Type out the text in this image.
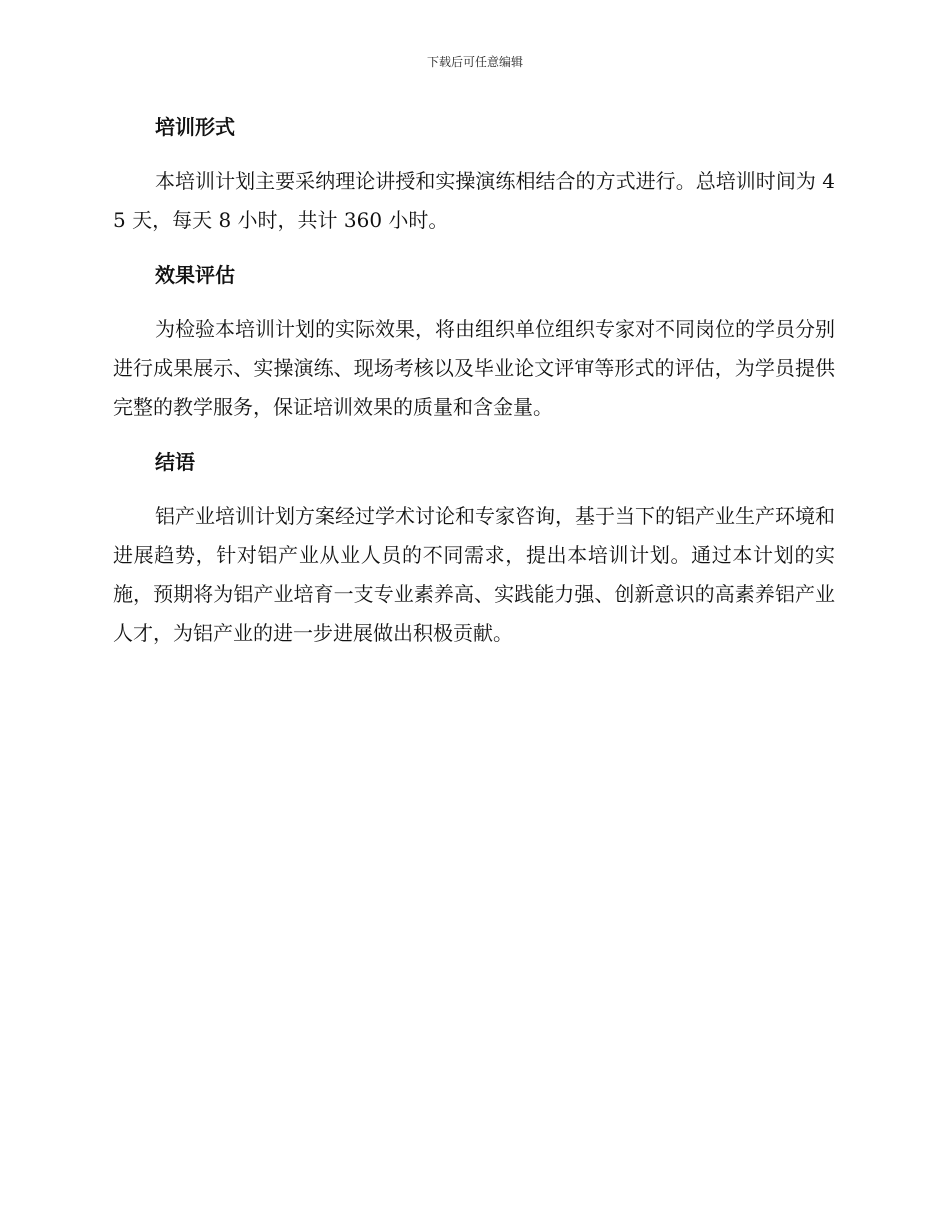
下载后可任意编辑
培训形式

本培训计划主要采纳理论讲授和实操演练相结合的方式进行。总培训时间为 45 天，每天 8 小时，共计 360 小时。

效果评估

为检验本培训计划的实际效果，将由组织单位组织专家对不同岗位的学员分别进行成果展示、实操演练、现场考核以及毕业论文评审等形式的评估，为学员提供完整的教学服务，保证培训效果的质量和含金量。

结语

铝产业培训计划方案经过学术讨论和专家咨询，基于当下的铝产业生产环境和进展趋势，针对铝产业从业人员的不同需求，提出本培训计划。通过本计划的实施，预期将为铝产业培育一支专业素养高、实践能力强、创新意识的高素养铝产业人才，为铝产业的进一步进展做出积极贡献。
